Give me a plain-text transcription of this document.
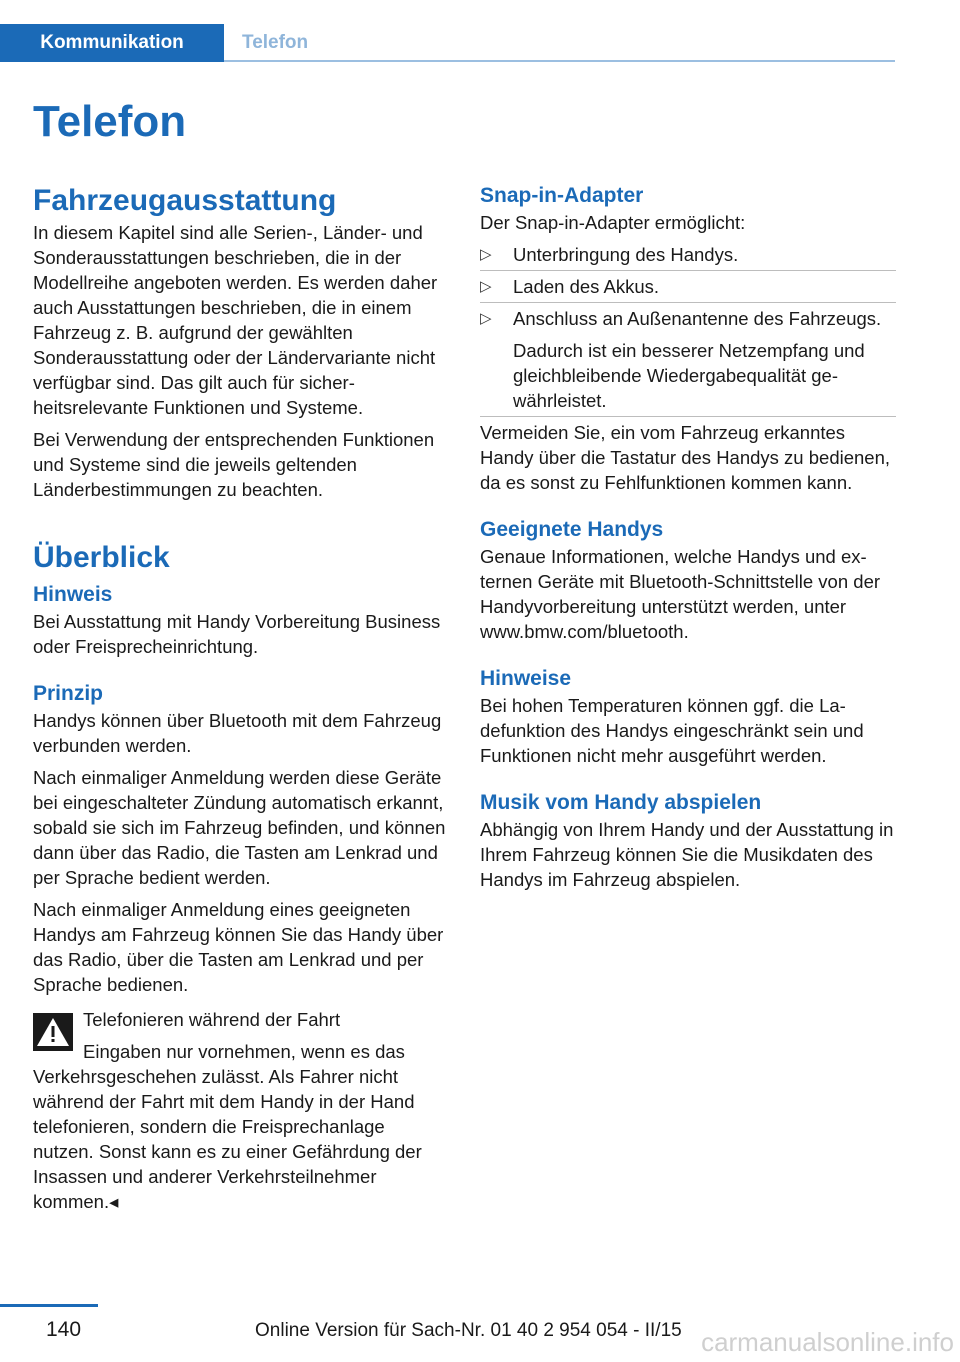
Kommunikation	Telefon
Telefon
Fahrzeugausstattung

In diesem Kapitel sind alle Serien-, Länder- und Sonderausstattungen beschrieben, die in der Modellreihe angeboten werden. Es werden daher auch Ausstattungen beschrieben, die in einem Fahrzeug z. B. aufgrund der gewählten Sonderausstattung oder der Ländervariante nicht verfügbar sind. Das gilt auch für sicherheitsrelevante Funktionen und Systeme.

Bei Verwendung der entsprechenden Funktionen und Systeme sind die jeweils geltenden Länderbestimmungen zu beachten.

Überblick
Hinweis

Bei Ausstattung mit Handy Vorbereitung Business oder Freisprecheinrichtung.

Prinzip

Handys können über Bluetooth mit dem Fahrzeug verbunden werden.

Nach einmaliger Anmeldung werden diese Geräte bei eingeschalteter Zündung automatisch erkannt, sobald sie sich im Fahrzeug befinden, und können dann über das Radio, die Tasten am Lenkrad und per Sprache bedient werden.

Nach einmaliger Anmeldung eines geeigneten Handys am Fahrzeug können Sie das Handy über das Radio, über die Tasten am Lenkrad und per Sprache bedienen.

Telefonieren während der Fahrt

Eingaben nur vornehmen, wenn es das Verkehrsgeschehen zulässt. Als Fahrer nicht während der Fahrt mit dem Handy in der Hand telefonieren, sondern die Freisprechanlage nutzen. Sonst kann es zu einer Gefährdung der Insassen und anderer Verkehrsteilnehmer kommen.◂

Snap-in-Adapter

Der Snap-in-Adapter ermöglicht:

▷ Unterbringung des Handys.
▷ Laden des Akkus.
▷ Anschluss an Außenantenne des Fahrzeugs.

Dadurch ist ein besserer Netzempfang und gleichbleibende Wiedergabequalität gewährleistet.

Vermeiden Sie, ein vom Fahrzeug erkanntes Handy über die Tastatur des Handys zu bedienen, da es sonst zu Fehlfunktionen kommen kann.

Geeignete Handys

Genaue Informationen, welche Handys und externen Geräte mit Bluetooth-Schnittstelle von der Handyvorbereitung unterstützt werden, unter www.bmw.com/bluetooth.

Hinweise

Bei hohen Temperaturen können ggf. die Ladefunktion des Handys eingeschränkt sein und Funktionen nicht mehr ausgeführt werden.

Musik vom Handy abspielen

Abhängig von Ihrem Handy und der Ausstattung in Ihrem Fahrzeug können Sie die Musikdaten des Handys im Fahrzeug abspielen.

140	Online Version für Sach-Nr. 01 40 2 954 054 - II/15 carmanualsonline.info
